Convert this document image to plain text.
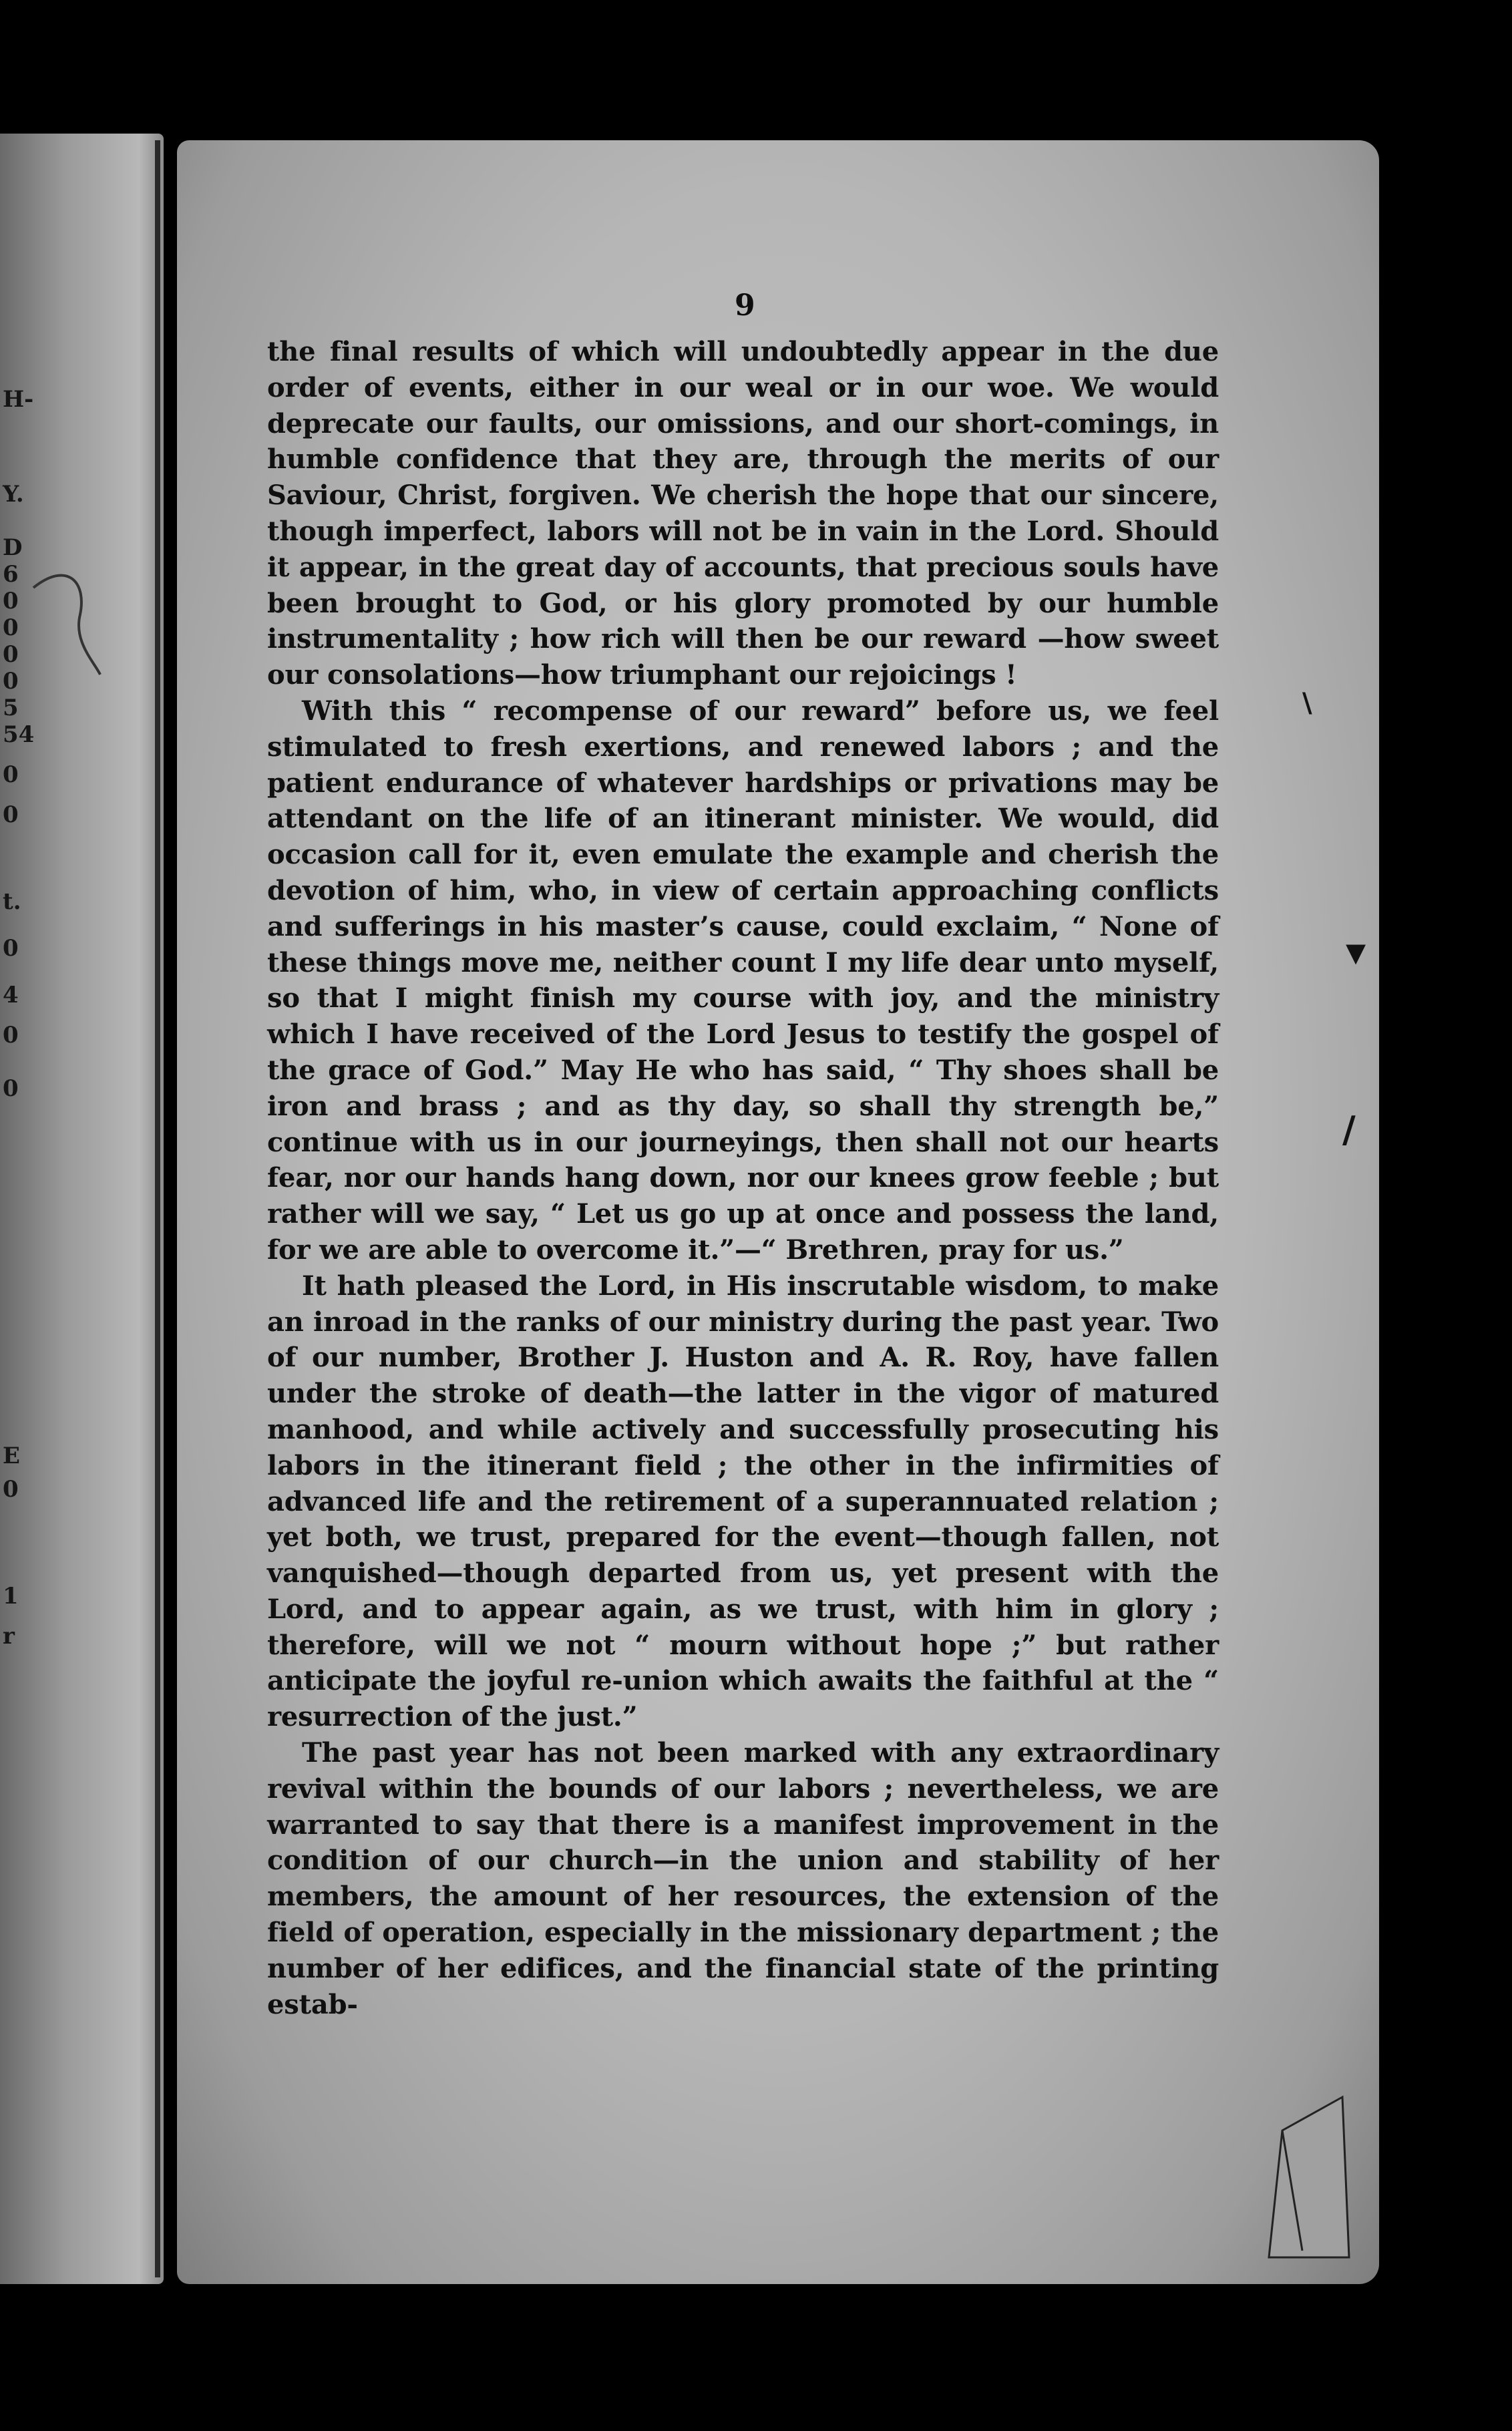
H-
Y.
D
6
0
0
0
0
5
54
0
0
t.
0
4
0
0
E
0
1
r
9

the final results of which will undoubtedly appear in the due order of events, either in our weal or in our woe. We would deprecate our faults, our omissions, and our short-comings, in humble confidence that they are, through the merits of our Saviour, Christ, forgiven. We cherish the hope that our sincere, though imperfect, labors will not be in vain in the Lord. Should it appear, in the great day of accounts, that precious souls have been brought to God, or his glory promoted by our humble instrumentality ; how rich will then be our reward —how sweet our consolations—how triumphant our rejoicings !

With this “ recompense of our reward” before us, we feel stimulated to fresh exertions, and renewed labors ; and the patient endurance of whatever hardships or privations may be attendant on the life of an itinerant minister. We would, did occasion call for it, even emulate the example and cherish the devotion of him, who, in view of certain approaching conflicts and sufferings in his master’s cause, could exclaim, “ None of these things move me, neither count I my life dear unto myself, so that I might finish my course with joy, and the ministry which I have received of the Lord Jesus to testify the gospel of the grace of God.” May He who has said, “ Thy shoes shall be iron and brass ; and as thy day, so shall thy strength be,” continue with us in our journeyings, then shall not our hearts fear, nor our hands hang down, nor our knees grow feeble ; but rather will we say, “ Let us go up at once and possess the land, for we are able to overcome it.”—“ Brethren, pray for us.”

It hath pleased the Lord, in His inscrutable wisdom, to make an inroad in the ranks of our ministry during the past year. Two of our number, Brother J. Huston and A. R. Roy, have fallen under the stroke of death—the latter in the vigor of matured manhood, and while actively and successfully prosecuting his labors in the itinerant field ; the other in the infirmities of advanced life and the retirement of a superannuated relation ; yet both, we trust, prepared for the event—though fallen, not vanquished—though departed from us, yet present with the Lord, and to appear again, as we trust, with him in glory ; therefore, will we not “ mourn without hope ;” but rather anticipate the joyful re-union which awaits the faithful at the “ resurrection of the just.”

The past year has not been marked with any extraordinary revival within the bounds of our labors ; nevertheless, we are warranted to say that there is a manifest improvement in the condition of our church—in the union and stability of her members, the amount of her resources, the extension of the field of operation, especially in the missionary department ; the number of her edifices, and the financial state of the printing estab-

▾
/
\
